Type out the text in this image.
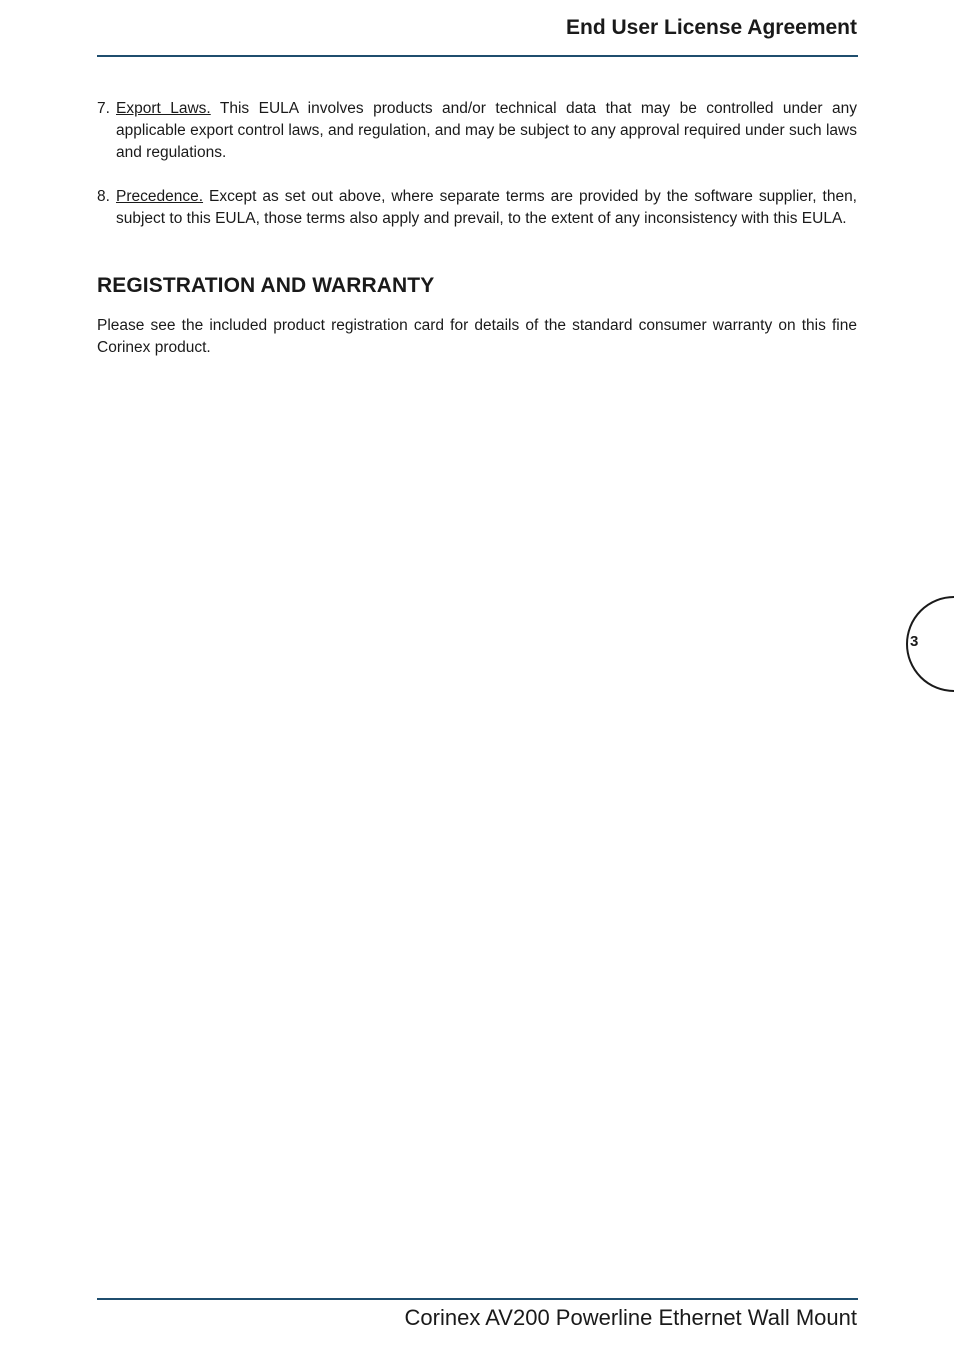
End User License Agreement
7. Export Laws. This EULA involves products and/or technical data that may be controlled under any applicable export control laws, and regulation, and may be subject to any approval required under such laws and regulations.
8. Precedence. Except as set out above, where separate terms are provided by the software supplier, then, subject to this EULA, those terms also apply and prevail, to the extent of any inconsistency with this EULA.
REGISTRATION AND WARRANTY
Please see the included product registration card for details of the standard consumer warranty on this fine Corinex product.
3
Corinex AV200 Powerline Ethernet Wall Mount
